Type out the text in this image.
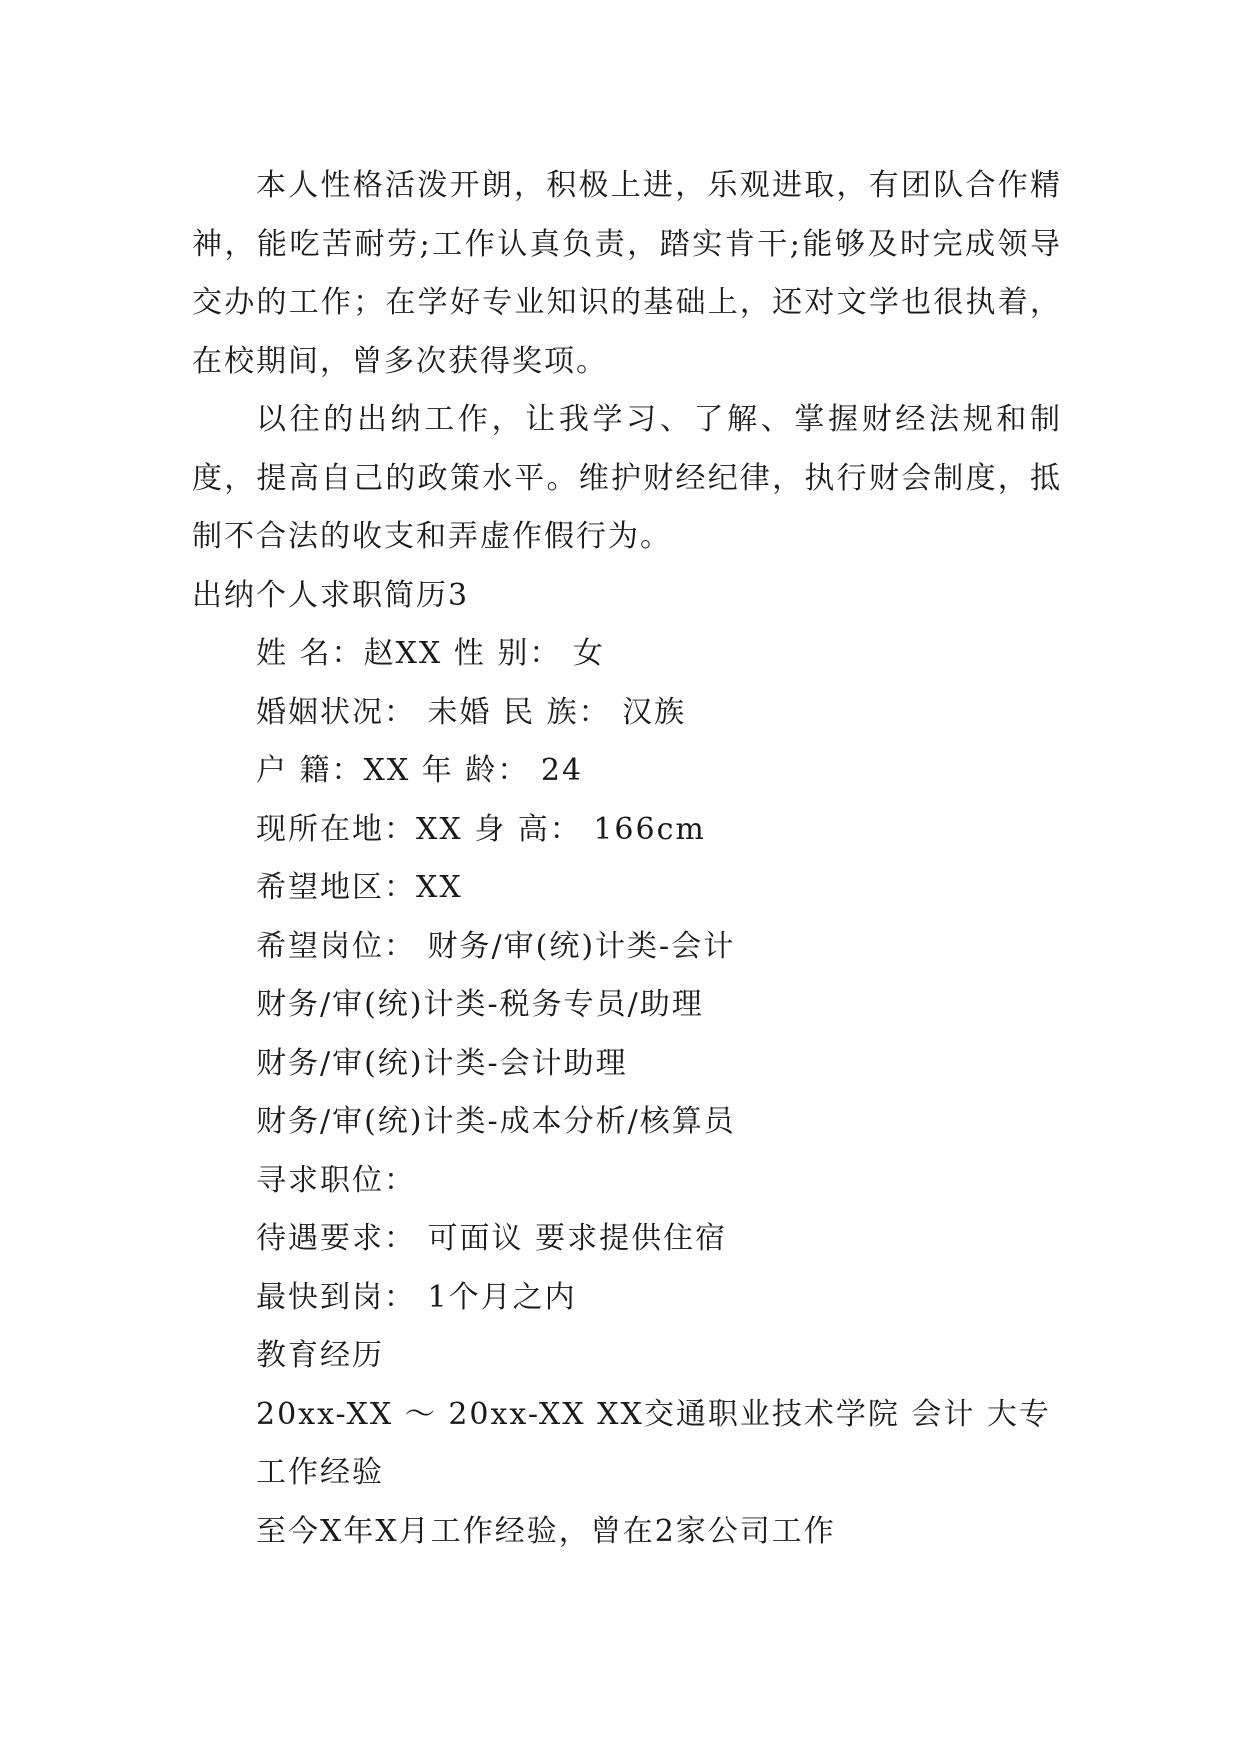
本人性格活泼开朗，积极上进，乐观进取，有团队合作精神，能吃苦耐劳;工作认真负责，踏实肯干;能够及时完成领导交办的工作；在学好专业知识的基础上，还对文学也很执着，在校期间，曾多次获得奖项。

以往的出纳工作，让我学习、了解、掌握财经法规和制度，提高自己的政策水平。维护财经纪律，执行财会制度，抵制不合法的收支和弄虚作假行为。

出纳个人求职简历3

姓 名：赵XX 性 别： 女

婚姻状况： 未婚 民 族： 汉族

户 籍：XX 年 龄： 24

现所在地：XX 身 高： 166cm

希望地区：XX

希望岗位： 财务/审(统)计类-会计

财务/审(统)计类-税务专员/助理

财务/审(统)计类-会计助理

财务/审(统)计类-成本分析/核算员

寻求职位：

待遇要求： 可面议 要求提供住宿

最快到岗： 1个月之内

教育经历

20xx-XX ～ 20xx-XX XX交通职业技术学院 会计 大专

工作经验

至今X年X月工作经验，曾在2家公司工作
